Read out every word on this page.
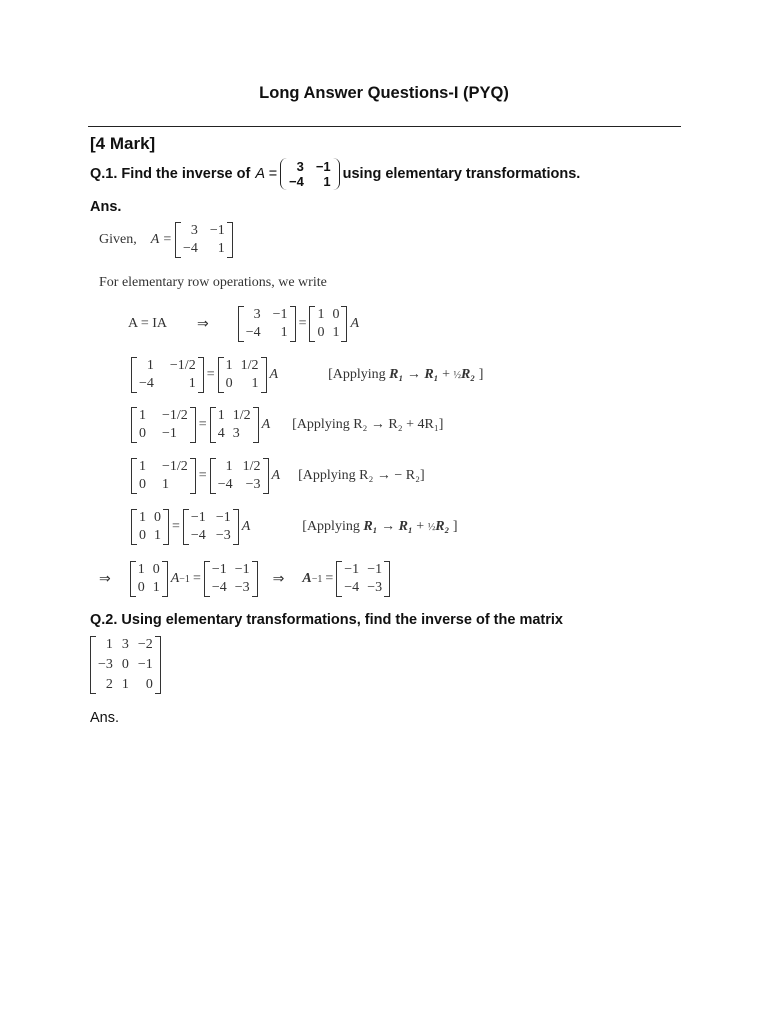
Long Answer Questions-I (PYQ)
[4 Mark]
Q.1. Find the inverse of A =	3 −1
−4	1 using elementary transformations.
Ans.
Given, A =
3 −1
−4	1
For elementary row operations, we write
A = IA ⇒
3 −1
−4	1
=
1 0
0 1
A
1 −1/2
−4	1
=
1 1/2
0	1
A	[Applying R₁ → R₁ + ½R₂ ]
1 −1/2
0 −1
=
1 1/2
4 3
A [Applying R₂ → R₂ + 4R₁]
1 −1/2
0 1
=
1 1/2
−4 −3
A [Applying R₂ → − R₂]
1 0
0 1
=
−1 −1
−4 −3
A	[Applying R₁ → R₁ + ½R₂ ]
⇒
1 0
0 1
A −1 =
−1 −1
−4 −3
⇒ A −1 =
−1 −1
−4 −3
Q.2. Using elementary transformations, find the inverse of the matrix
1 3 −2
−3 0 −1
2 1	0
Ans.
